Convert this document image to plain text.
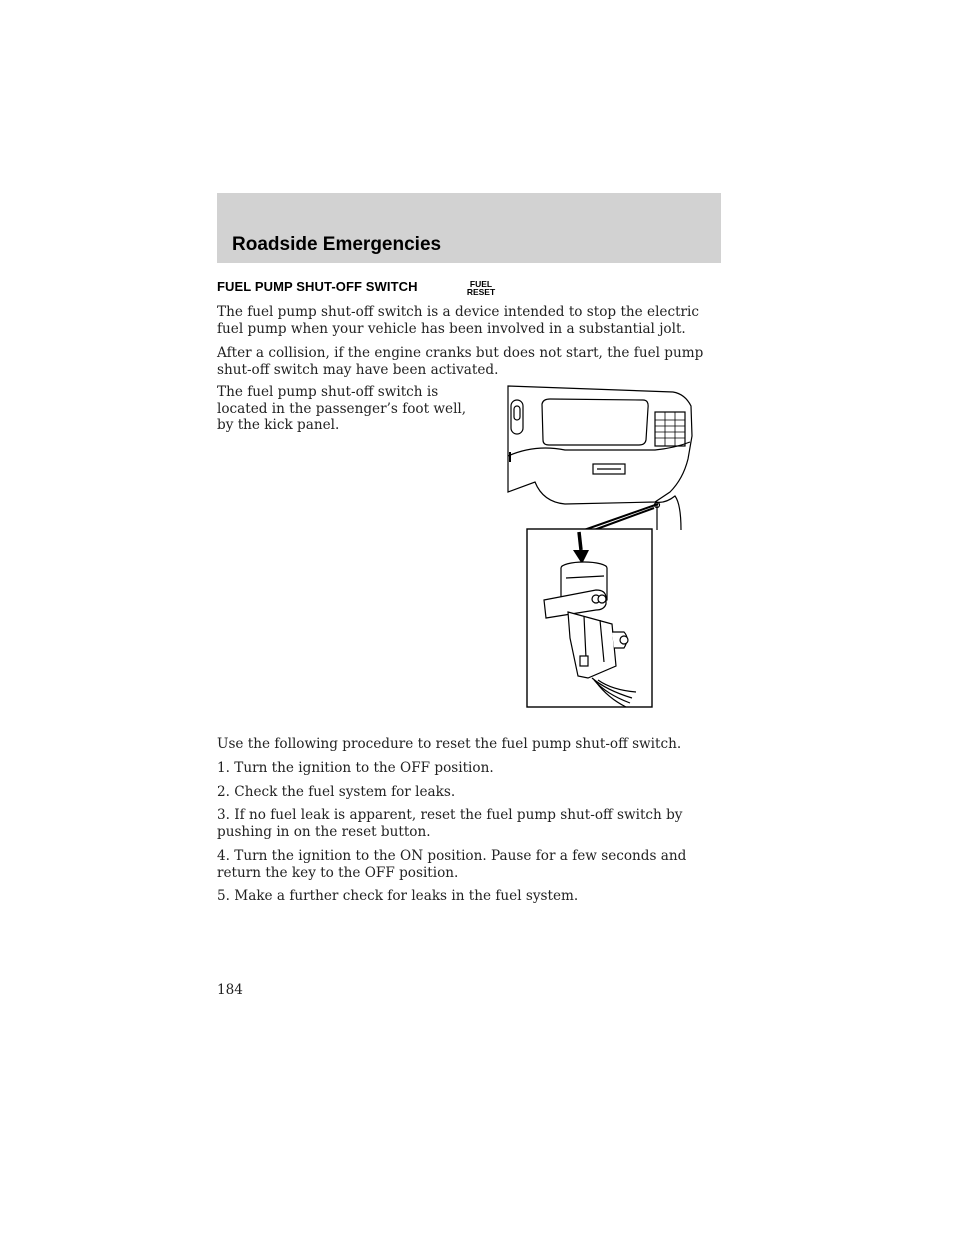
Roadside Emergencies
FUEL PUMP SHUT-OFF SWITCH	FUEL
RESET

The fuel pump shut-off switch is a device intended to stop the electric fuel pump when your vehicle has been involved in a substantial jolt.

After a collision, if the engine cranks but does not start, the fuel pump shut-off switch may have been activated.

The fuel pump shut-off switch is located in the passenger’s foot well, by the kick panel.

Use the following procedure to reset the fuel pump shut-off switch.

1. Turn the ignition to the OFF position.

2. Check the fuel system for leaks.

3. If no fuel leak is apparent, reset the fuel pump shut-off switch by pushing in on the reset button.

4. Turn the ignition to the ON position. Pause for a few seconds and return the key to the OFF position.

5. Make a further check for leaks in the fuel system.

184
